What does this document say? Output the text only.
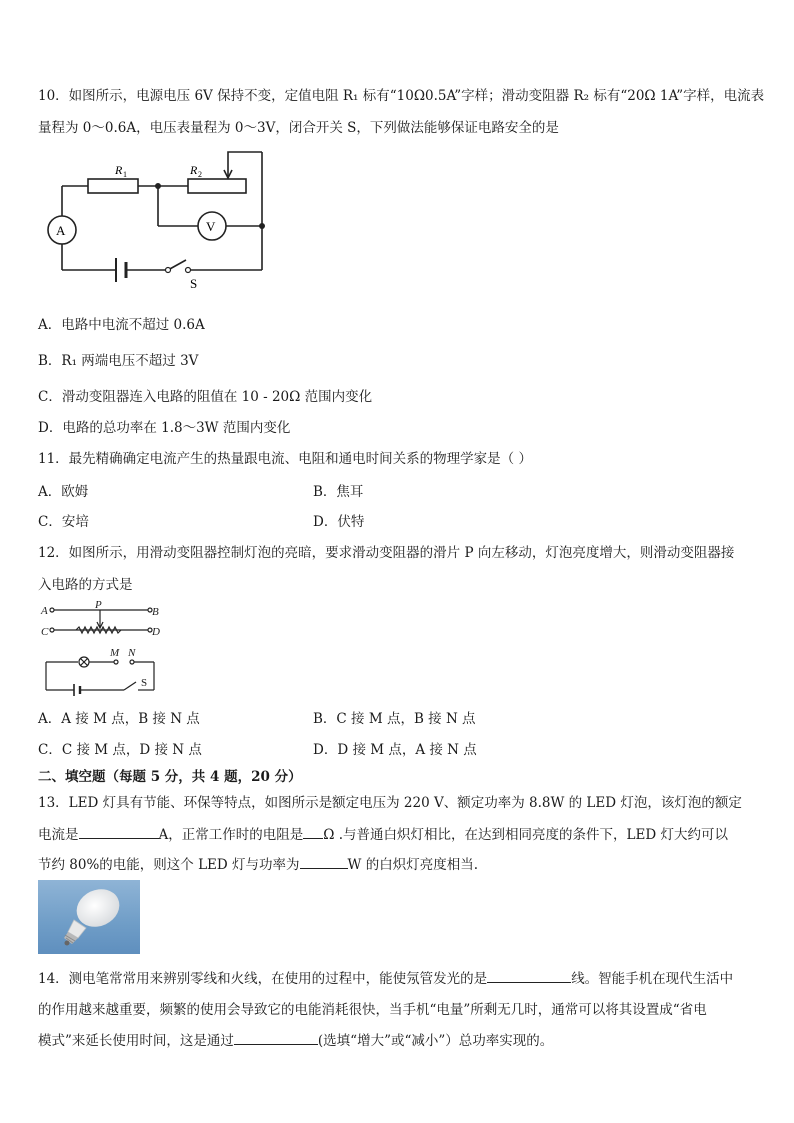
10．如图所示，电源电压 6V 保持不变，定值电阻 R₁ 标有“10Ω0.5A”字样；滑动变阻器 R₂ 标有“20Ω 1A”字样，电流表
量程为 0～0.6A，电压表量程为 0～3V，闭合开关 S，下列做法能够保证电路安全的是
R 1	R 2
A	V
S
A．电路中电流不超过 0.6A
B．R₁ 两端电压不超过 3V
C．滑动变阻器连入电路的阻值在 10 - 20Ω 范围内变化
D．电路的总功率在 1.8～3W 范围内变化
11．最先精确确定电流产生的热量跟电流、电阻和通电时间关系的物理学家是（ ）
A．欧姆	B．焦耳
C．安培	D．伏特
12．如图所示，用滑动变阻器控制灯泡的亮暗，要求滑动变阻器的滑片 P 向左移动，灯泡亮度增大，则滑动变阻器接
入电路的方式是
A	B
C	D
P
M N
S
A．A 接 M 点，B 接 N 点	B．C 接 M 点，B 接 N 点
C．C 接 M 点，D 接 N 点	D．D 接 M 点，A 接 N 点
二、填空题（每题 5 分，共 4 题，20 分）
13．LED 灯具有节能、环保等特点，如图所示是额定电压为 220 V、额定功率为 8.8W 的 LED 灯泡，该灯泡的额定
电流是	A，正常工作时的电阻是 Ω .与普通白炽灯相比，在达到相同亮度的条件下，LED 灯大约可以
节约 80%的电能，则这个 LED 灯与功率为	W 的白炽灯亮度相当.
14．测电笔常常用来辨别零线和火线，在使用的过程中，能使氖管发光的是	线。智能手机在现代生活中
的作用越来越重要，频繁的使用会导致它的电能消耗很快，当手机“电量”所剩无几时，通常可以将其设置成“省电
模式”来延长使用时间，这是通过	(选填“增大”或“减小”）总功率实现的。
